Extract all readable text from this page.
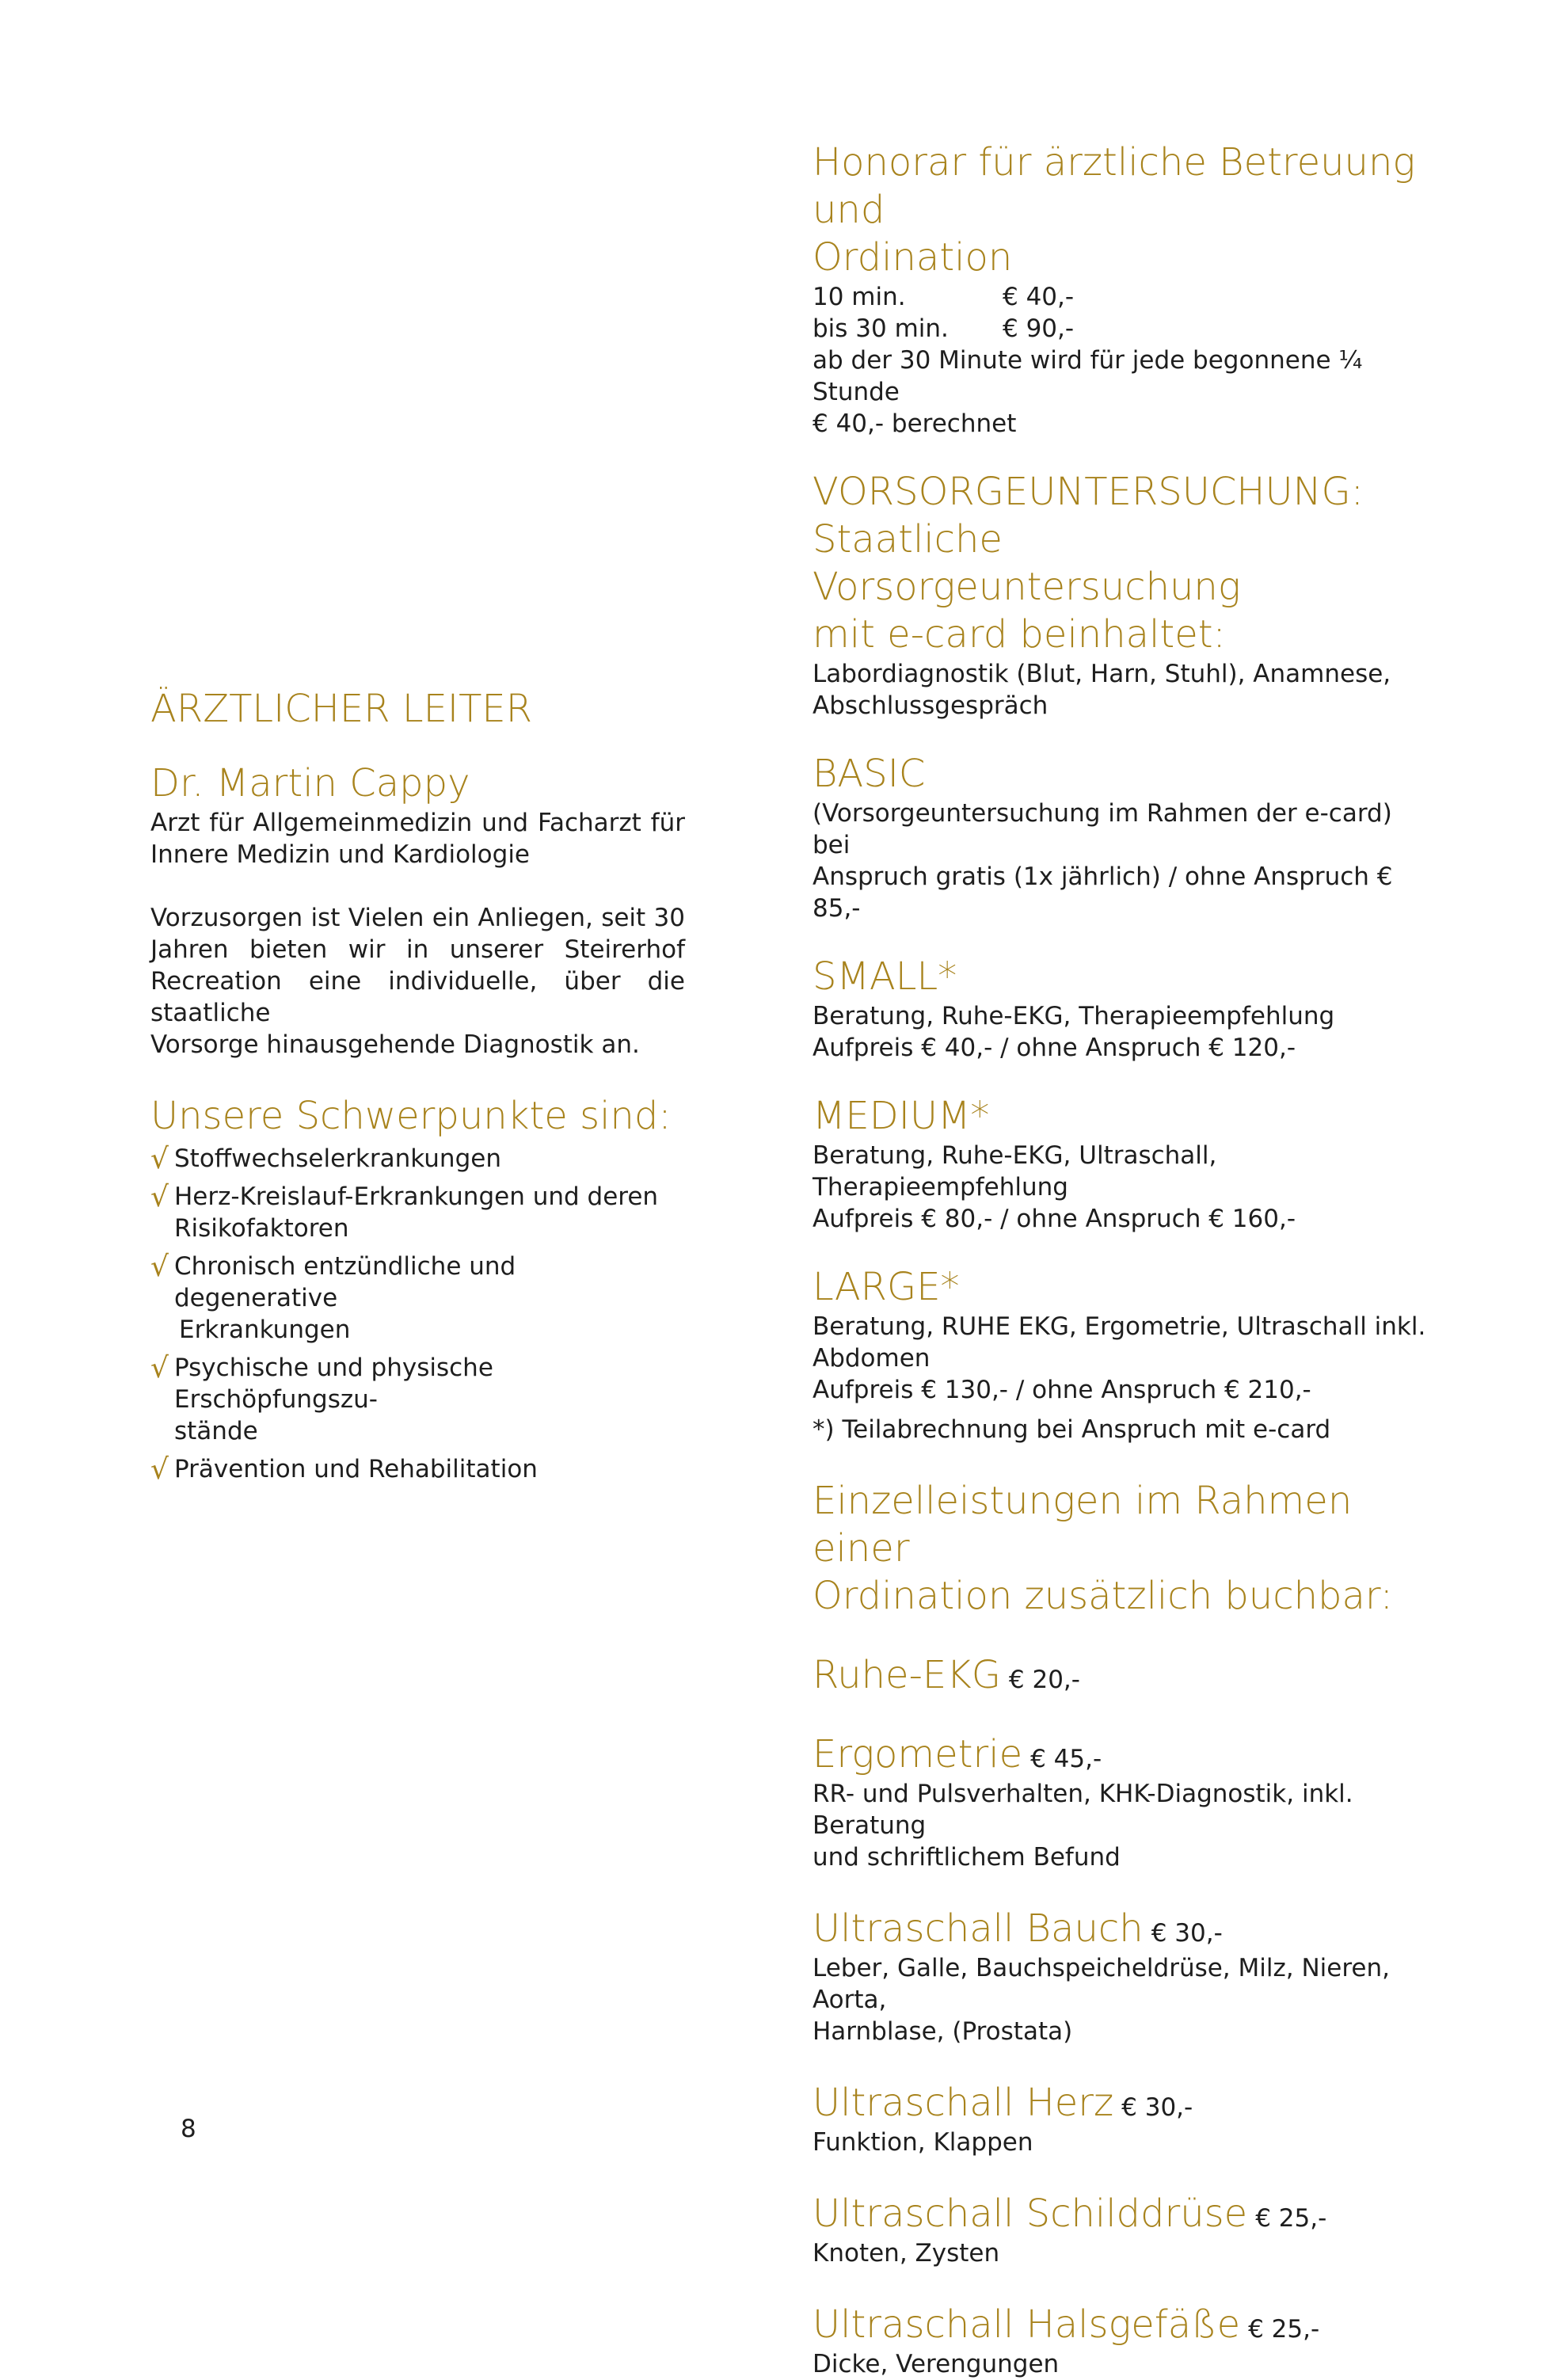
ÄRZTLICHER LEITER

Dr. Martin Cappy

Arzt für Allgemeinmedizin und Facharzt für

Innere Medizin und Kardiologie

Vorzusorgen ist Vielen ein Anliegen, seit 30

Jahren bieten wir in unserer Steirerhof

Recreation eine individuelle, über die staatliche

Vorsorge hinausgehende Diagnostik an.

Unsere Schwerpunkte sind:

√ Stoffwechselerkrankungen
√ Herz-Kreislauf-Erkrankungen und deren
Risikofaktoren
√ Chronisch entzündliche und degenerative
Erkrankungen
√ Psychische und physische Erschöpfungszu-
stände
√ Prävention und Rehabilitation

Honorar für ärztliche Betreuung und

Ordination

10 min.	€ 40,-
bis 30 min.	€ 90,-

ab der 30 Minute wird für jede begonnene ¼ Stunde

€ 40,- berechnet

VORSORGEUNTERSUCHUNG:

Staatliche Vorsorgeuntersuchung

mit e-card beinhaltet:

Labordiagnostik (Blut, Harn, Stuhl), Anamnese,

Abschlussgespräch

BASIC

(Vorsorgeuntersuchung im Rahmen der e-card) bei

Anspruch gratis (1x jährlich) / ohne Anspruch € 85,-

SMALL*

Beratung, Ruhe-EKG, Therapieempfehlung

Aufpreis € 40,- / ohne Anspruch € 120,-

MEDIUM*

Beratung, Ruhe-EKG, Ultraschall, Therapieempfehlung

Aufpreis € 80,- / ohne Anspruch € 160,-

LARGE*

Beratung, RUHE EKG, Ergometrie, Ultraschall inkl.

Abdomen

Aufpreis € 130,- / ohne Anspruch € 210,-

*) Teilabrechnung bei Anspruch mit e-card

Einzelleistungen im Rahmen einer

Ordination zusätzlich buchbar:

Ruhe-EKG € 20,-
Ergometrie € 45,-

RR- und Pulsverhalten, KHK-Diagnostik, inkl. Beratung

und schriftlichem Befund

Ultraschall Bauch € 30,-

Leber, Galle, Bauchspeicheldrüse, Milz, Nieren, Aorta,

Harnblase, (Prostata)

Ultraschall Herz € 30,-

Funktion, Klappen

Ultraschall Schilddrüse € 25,-

Knoten, Zysten

Ultraschall Halsgefäße € 25,-

Dicke, Verengungen

8
